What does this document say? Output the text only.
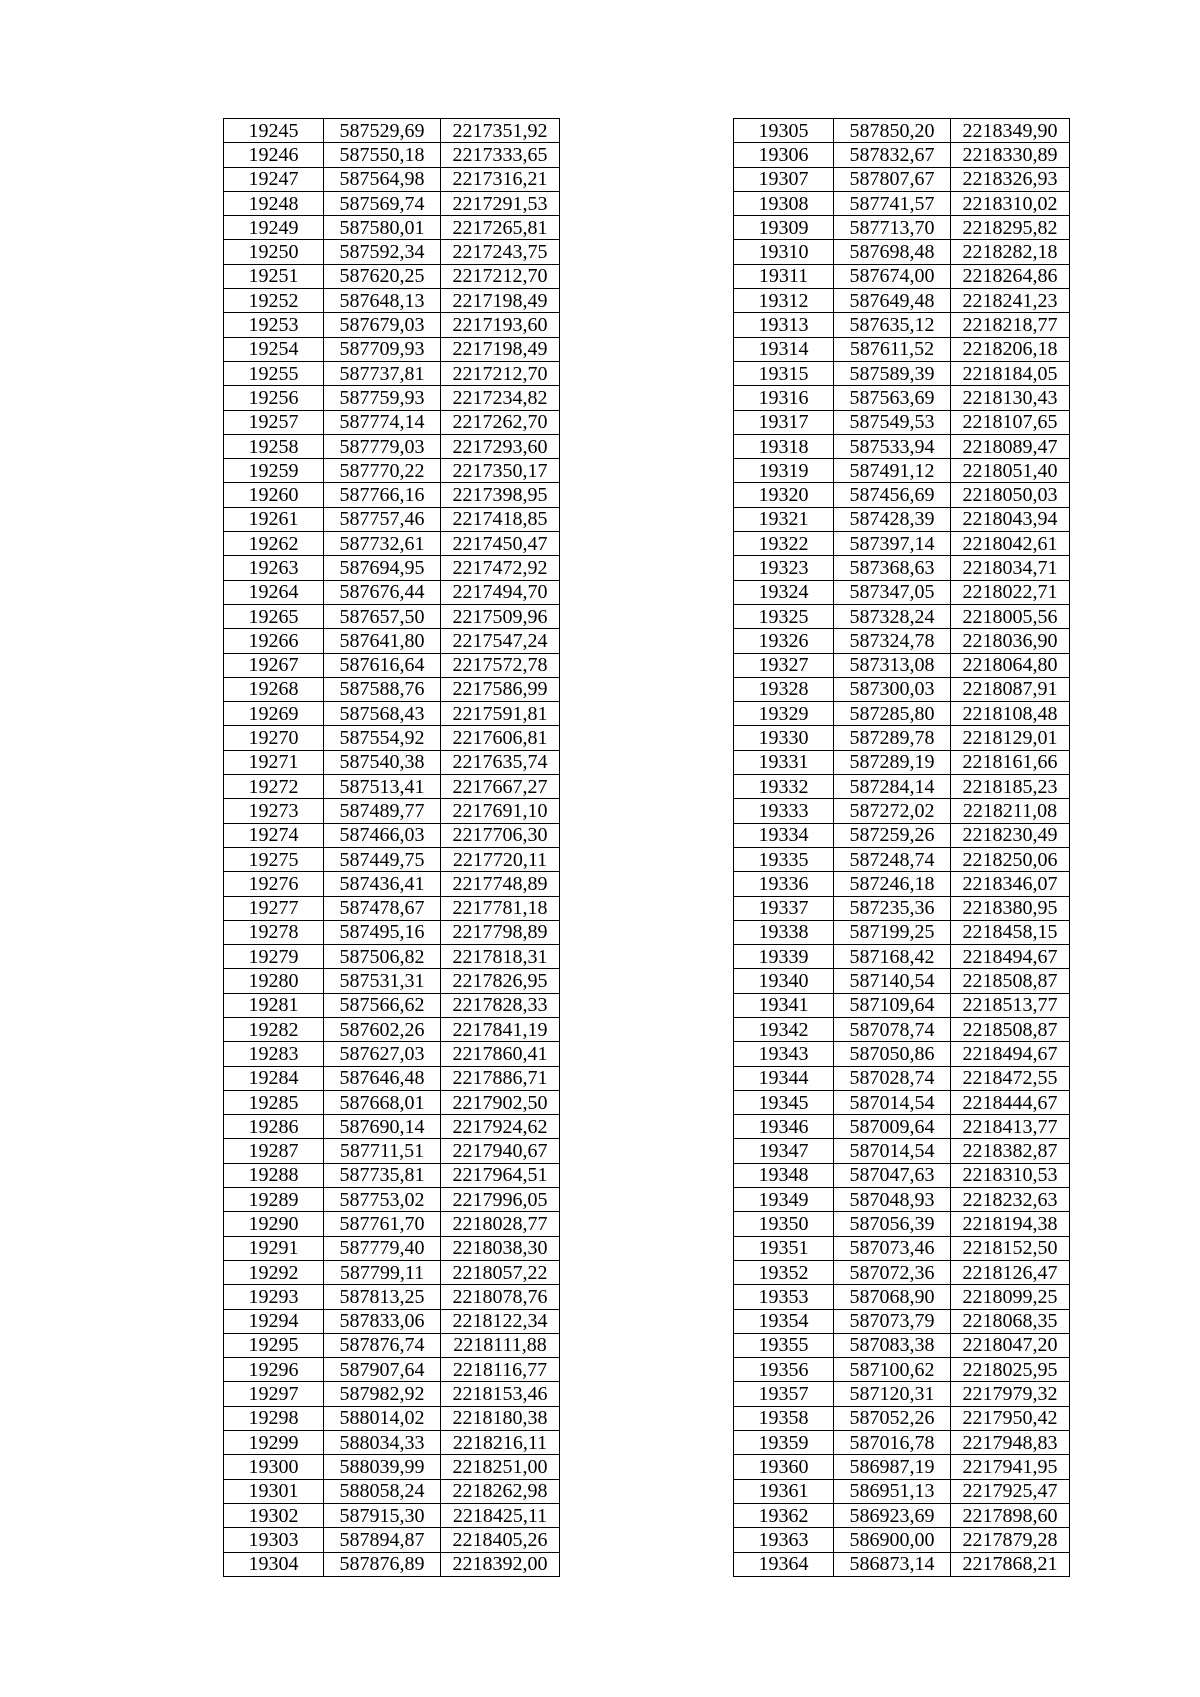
19245	587529,69	2217351,92
19246	587550,18	2217333,65
19247	587564,98	2217316,21
19248	587569,74	2217291,53
19249	587580,01	2217265,81
19250	587592,34	2217243,75
19251	587620,25	2217212,70
19252	587648,13	2217198,49
19253	587679,03	2217193,60
19254	587709,93	2217198,49
19255	587737,81	2217212,70
19256	587759,93	2217234,82
19257	587774,14	2217262,70
19258	587779,03	2217293,60
19259	587770,22	2217350,17
19260	587766,16	2217398,95
19261	587757,46	2217418,85
19262	587732,61	2217450,47
19263	587694,95	2217472,92
19264	587676,44	2217494,70
19265	587657,50	2217509,96
19266	587641,80	2217547,24
19267	587616,64	2217572,78
19268	587588,76	2217586,99
19269	587568,43	2217591,81
19270	587554,92	2217606,81
19271	587540,38	2217635,74
19272	587513,41	2217667,27
19273	587489,77	2217691,10
19274	587466,03	2217706,30
19275	587449,75	2217720,11
19276	587436,41	2217748,89
19277	587478,67	2217781,18
19278	587495,16	2217798,89
19279	587506,82	2217818,31
19280	587531,31	2217826,95
19281	587566,62	2217828,33
19282	587602,26	2217841,19
19283	587627,03	2217860,41
19284	587646,48	2217886,71
19285	587668,01	2217902,50
19286	587690,14	2217924,62
19287	587711,51	2217940,67
19288	587735,81	2217964,51
19289	587753,02	2217996,05
19290	587761,70	2218028,77
19291	587779,40	2218038,30
19292	587799,11	2218057,22
19293	587813,25	2218078,76
19294	587833,06	2218122,34
19295	587876,74	2218111,88
19296	587907,64	2218116,77
19297	587982,92	2218153,46
19298	588014,02	2218180,38
19299	588034,33	2218216,11
19300	588039,99	2218251,00
19301	588058,24	2218262,98
19302	587915,30	2218425,11
19303	587894,87	2218405,26
19304	587876,89	2218392,00
19305	587850,20	2218349,90
19306	587832,67	2218330,89
19307	587807,67	2218326,93
19308	587741,57	2218310,02
19309	587713,70	2218295,82
19310	587698,48	2218282,18
19311	587674,00	2218264,86
19312	587649,48	2218241,23
19313	587635,12	2218218,77
19314	587611,52	2218206,18
19315	587589,39	2218184,05
19316	587563,69	2218130,43
19317	587549,53	2218107,65
19318	587533,94	2218089,47
19319	587491,12	2218051,40
19320	587456,69	2218050,03
19321	587428,39	2218043,94
19322	587397,14	2218042,61
19323	587368,63	2218034,71
19324	587347,05	2218022,71
19325	587328,24	2218005,56
19326	587324,78	2218036,90
19327	587313,08	2218064,80
19328	587300,03	2218087,91
19329	587285,80	2218108,48
19330	587289,78	2218129,01
19331	587289,19	2218161,66
19332	587284,14	2218185,23
19333	587272,02	2218211,08
19334	587259,26	2218230,49
19335	587248,74	2218250,06
19336	587246,18	2218346,07
19337	587235,36	2218380,95
19338	587199,25	2218458,15
19339	587168,42	2218494,67
19340	587140,54	2218508,87
19341	587109,64	2218513,77
19342	587078,74	2218508,87
19343	587050,86	2218494,67
19344	587028,74	2218472,55
19345	587014,54	2218444,67
19346	587009,64	2218413,77
19347	587014,54	2218382,87
19348	587047,63	2218310,53
19349	587048,93	2218232,63
19350	587056,39	2218194,38
19351	587073,46	2218152,50
19352	587072,36	2218126,47
19353	587068,90	2218099,25
19354	587073,79	2218068,35
19355	587083,38	2218047,20
19356	587100,62	2218025,95
19357	587120,31	2217979,32
19358	587052,26	2217950,42
19359	587016,78	2217948,83
19360	586987,19	2217941,95
19361	586951,13	2217925,47
19362	586923,69	2217898,60
19363	586900,00	2217879,28
19364	586873,14	2217868,21
